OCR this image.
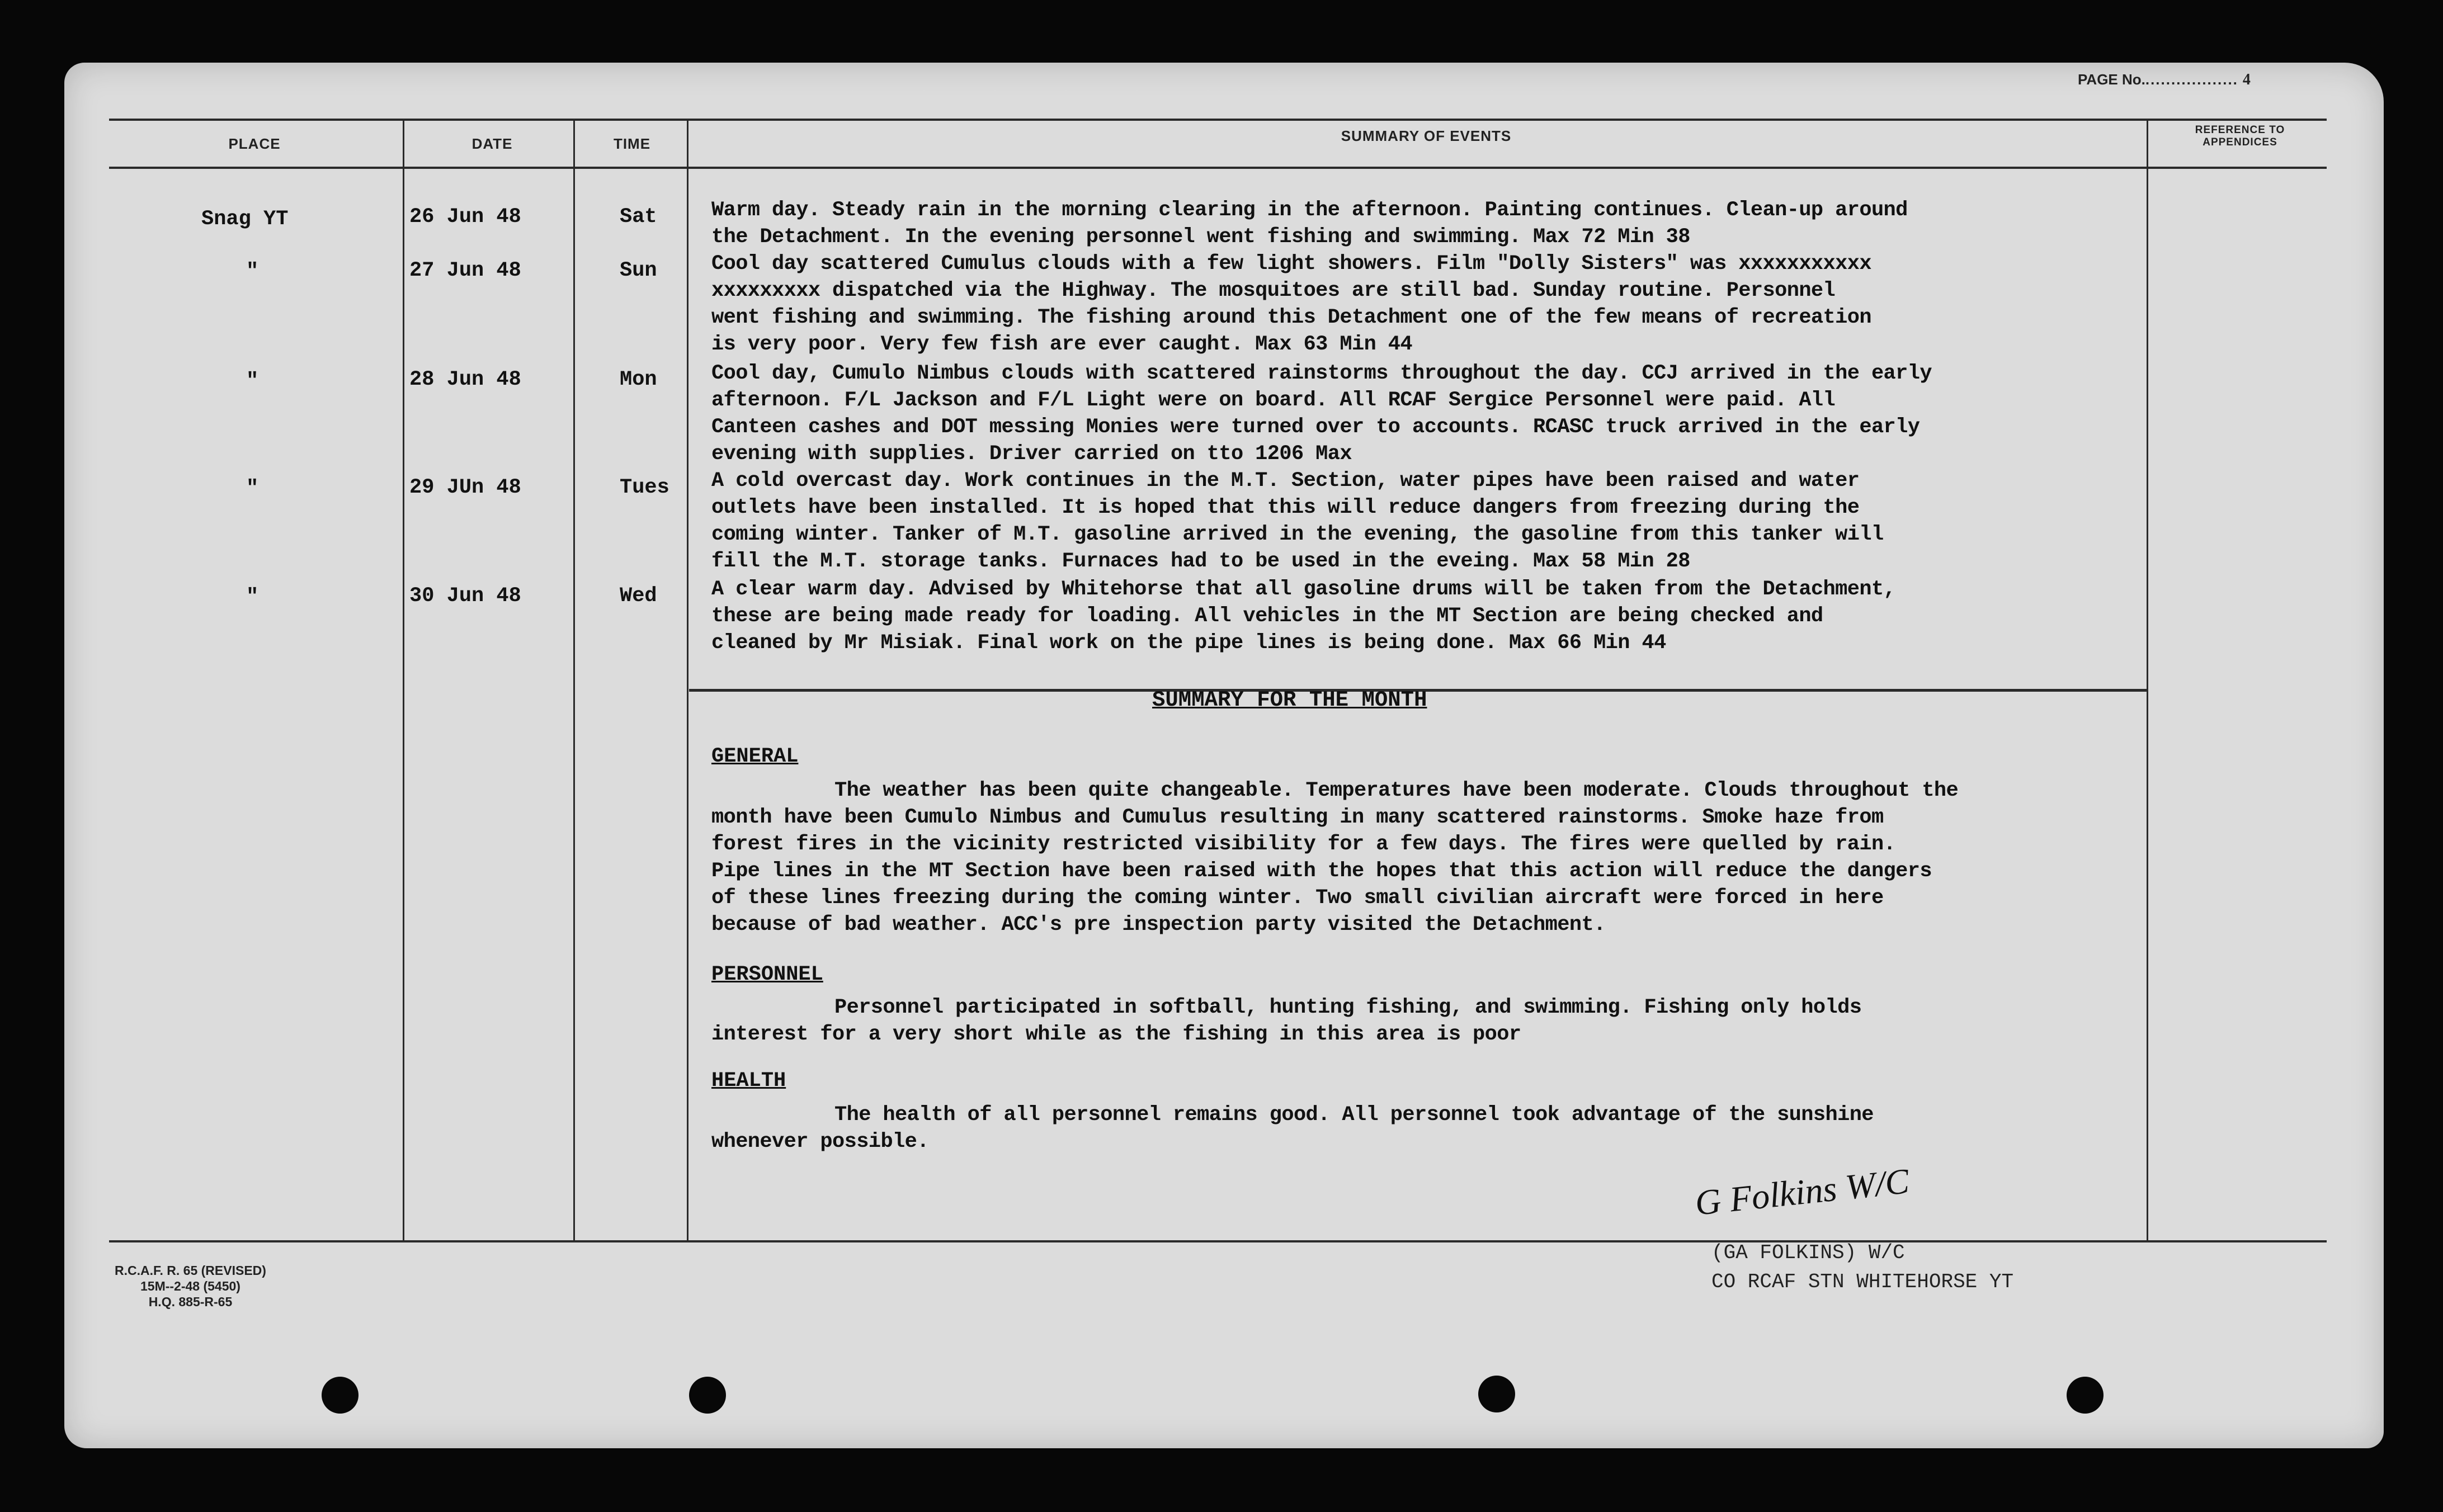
PAGE No................... 4
PLACE	DATE	TIME	SUMMARY OF EVENTS	REFERENCE TO APPENDICES
Snag YT	26 Jun 48	Sat	Warm day. Steady rain in the morning clearing in the afternoon. Painting continues. Clean-up around
the Detachment. In the evening personnel went fishing and swimming. Max 72 Min 38
"	27 Jun 48	Sun	Cool day scattered Cumulus clouds with a few light showers. Film "Dolly Sisters" was xxxxxxxxxxx
xxxxxxxxx dispatched via the Highway. The mosquitoes are still bad. Sunday routine. Personnel
went fishing and swimming. The fishing around this Detachment one of the few means of recreation
is very poor. Very few fish are ever caught. Max 63 Min 44
"	28 Jun 48	Mon	Cool day, Cumulo Nimbus clouds with scattered rainstorms throughout the day. CCJ arrived in the early
afternoon. F/L Jackson and F/L Light were on board. All RCAF Sergice Personnel were paid. All
Canteen cashes and DOT messing Monies were turned over to accounts. RCASC truck arrived in the early
evening with supplies. Driver carried on tto 1206 Max
"	29 JUn 48	Tues A cold overcast day. Work continues in the M.T. Section, water pipes have been raised and water
outlets have been installed. It is hoped that this will reduce dangers from freezing during the
coming winter. Tanker of M.T. gasoline arrived in the evening, the gasoline from this tanker will
fill the M.T. storage tanks. Furnaces had to be used in the eveing. Max 58 Min 28
"	30 Jun 48	Wed	A clear warm day. Advised by Whitehorse that all gasoline drums will be taken from the Detachment,
these are being made ready for loading. All vehicles in the MT Section are being checked and
cleaned by Mr Misiak. Final work on the pipe lines is being done. Max 66 Min 44
SUMMARY FOR THE MONTH
GENERAL
The weather has been quite changeable. Temperatures have been moderate. Clouds throughout the
month have been Cumulo Nimbus and Cumulus resulting in many scattered rainstorms. Smoke haze from
forest fires in the vicinity restricted visibility for a few days. The fires were quelled by rain.
Pipe lines in the MT Section have been raised with the hopes that this action will reduce the dangers
of these lines freezing during the coming winter. Two small civilian aircraft were forced in here
because of bad weather. ACC's pre inspection party visited the Detachment.
PERSONNEL
Personnel participated in softball, hunting fishing, and swimming. Fishing only holds
interest for a very short while as the fishing in this area is poor
HEALTH
The health of all personnel remains good. All personnel took advantage of the sunshine
whenever possible.
G Folkins W/C
(GA FOLKINS) W/C
CO RCAF STN WHITEHORSE YT
R.C.A.F. R. 65 (REVISED)
15M--2-48 (5450)
H.Q. 885-R-65
